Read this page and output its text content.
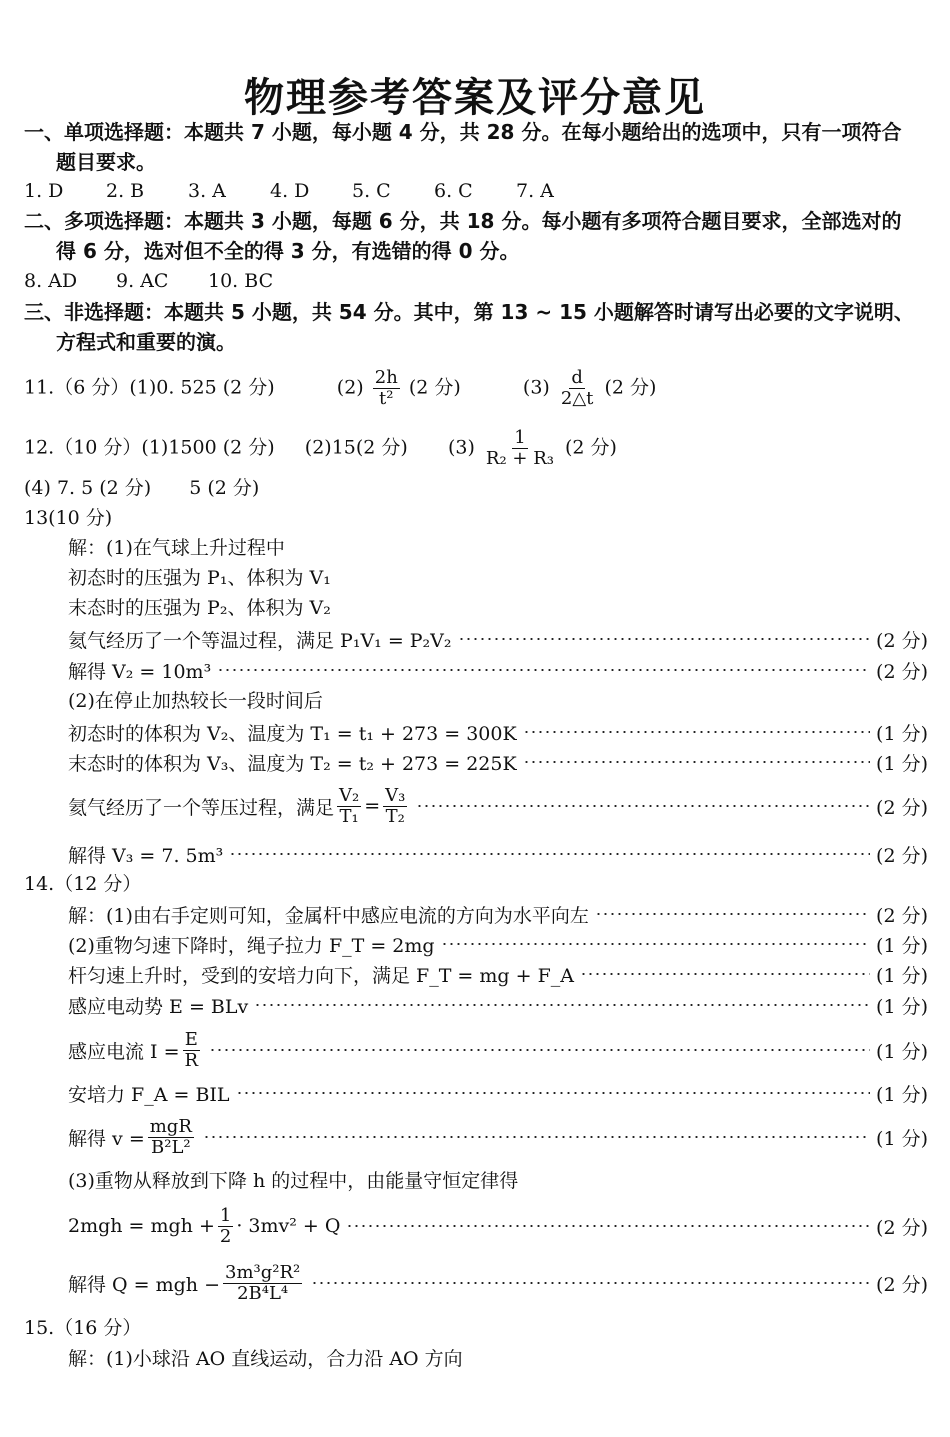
物理参考答案及评分意见
一、单项选择题：本题共 7 小题，每小题 4 分，共 28 分。在每小题给出的选项中，只有一项符合
题目要求。
1. D 2. B 3. A 4. D 5. C 6. C 7. A
二、多项选择题：本题共 3 小题，每题 6 分，共 18 分。每小题有多项符合题目要求，全部选对的
得 6 分，选对但不全的得 3 分，有选错的得 0 分。
8. AD 9. AC 10. BC
三、非选择题：本题共 5 小题，共 54 分。其中，第 13 ~ 15 小题解答时请写出必要的文字说明、
方程式和重要的演。
11.（6 分）(1)0. 525 (2 分)	$(2) \frac{2h}{\text{t²}} (2$ 分)	$(3) \frac{d}{2\triangle t} (2$ 分)
12.（10 分）(1)1500 (2 分) (2)15(2 分) $(3) \frac{1}{\text{R₂ + R₃}} (2$ 分)
(4) 7. 5 (2 分)　　5 (2 分)
13(10 分)
解：(1)在气球上升过程中
初态时的压强为 P₁、体积为 V₁
末态时的压强为 P₂、体积为 V₂
氦气经历了一个等温过程，满足 P₁V₁ = P₂V₂	(2 分)
解得 V₂ = 10m³	(2 分)
(2)在停止加热较长一段时间后
初态时的体积为 V₂、温度为 T₁ = t₁ + 273 = 300K	(1 分)
末态时的体积为 V₃、温度为 T₂ = t₂ + 273 = 225K	(1 分)
氦气经历了一个等压过程，满足 $\frac{\text{V₂}}{\text{T₁}} = \frac{\text{V₃}}{\text{T₂}}$	(2 分)
解得 V₃ = 7. 5m³	(2 分)
14.（12 分）
解：(1)由右手定则可知，金属杆中感应电流的方向为水平向左	(2 分)
(2)重物匀速下降时，绳子拉力 F_T = 2mg	(1 分)
杆匀速上升时，受到的安培力向下，满足 F_T = mg + F_A	(1 分)
感应电动势 E = BLv	(1 分)
感应电流 $I = \frac{E}{R}$	(1 分)
安培力 F_A = BIL	(1 分)
解得 $v = \frac{\text{mgR}}{\text{B²L²}}$	(1 分)
(3)重物从释放到下降 h 的过程中，由能量守恒定律得
2mgh = mgh + $\frac{1}{2} \cdot 3mv^2 + Q$	(2 分)
解得 Q = mgh − $\frac{\text{3m³g²R²}}{\text{2B⁴L⁴}}$	(2 分)
15.（16 分）
解：(1)小球沿 AO 直线运动，合力沿 AO 方向
